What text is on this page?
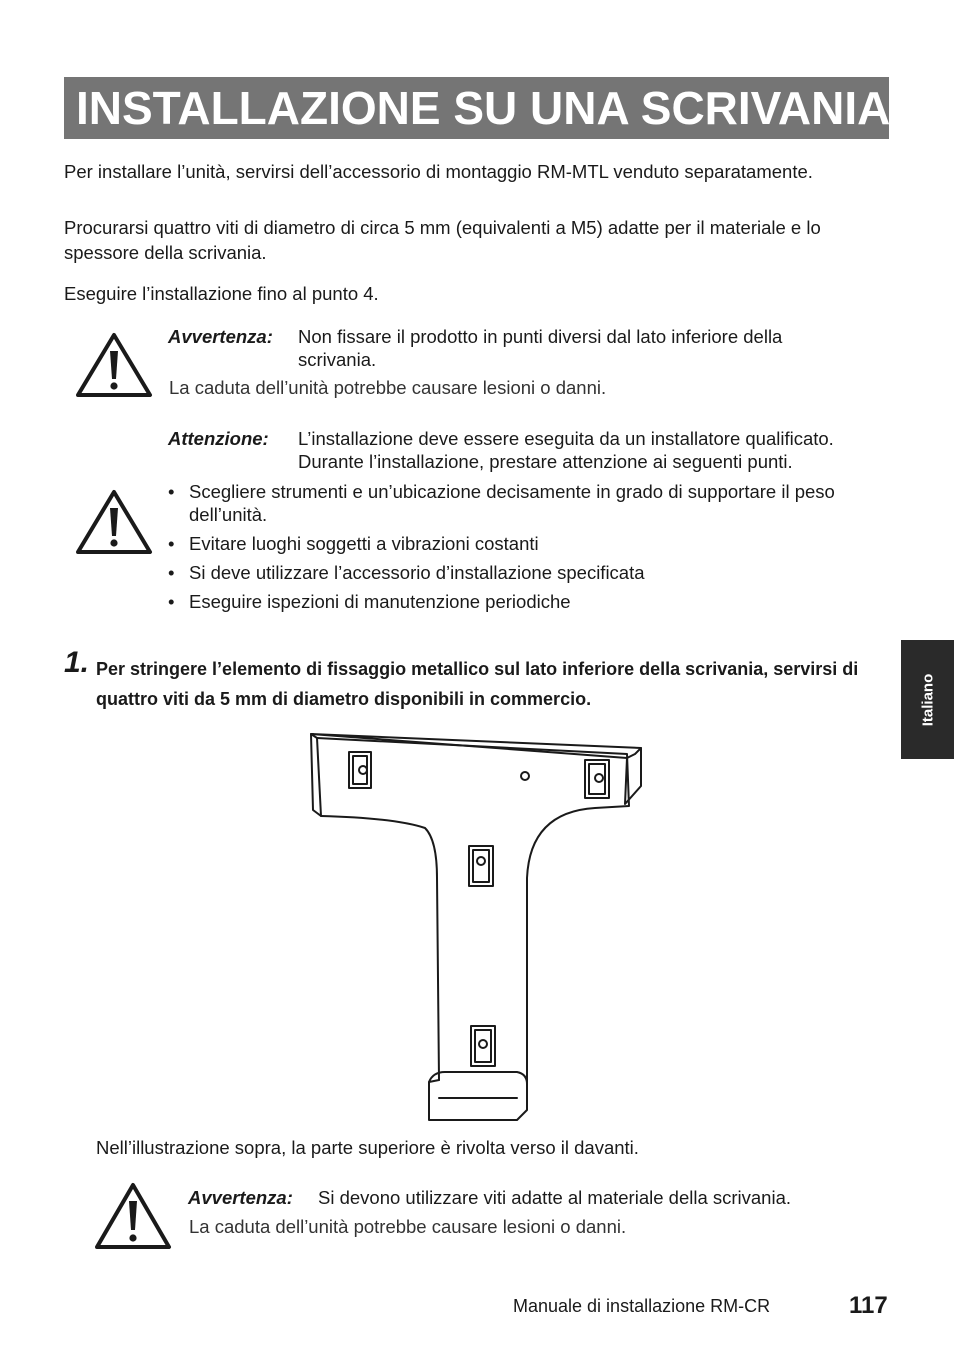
INSTALLAZIONE SU UNA SCRIVANIA

Per installare l’unità, servirsi dell’accessorio di montaggio RM-MTL venduto separatamente.

Procurarsi quattro viti di diametro di circa 5 mm (equivalenti a M5) adatte per il materiale e lo spessore della scrivania.

Eseguire l’installazione fino al punto 4.

Avvertenza: Non fissare il prodotto in punti diversi dal lato inferiore della scrivania.
La caduta dell’unità potrebbe causare lesioni o danni.
Attenzione: L’installazione deve essere eseguita da un installatore qualificato. Durante l’installazione, prestare attenzione ai seguenti punti.
• Scegliere strumenti e un’ubicazione decisamente in grado di supportare il peso dell’unità.
• Evitare luoghi soggetti a vibrazioni costanti
• Si deve utilizzare l’accessorio d’installazione specificata
• Eseguire ispezioni di manutenzione periodiche
1. Per stringere l’elemento di fissaggio metallico sul lato inferiore della scrivania, servirsi di quattro viti da 5 mm di diametro disponibili in commercio.

Nell’illustrazione sopra, la parte superiore è rivolta verso il davanti.
Avvertenza: Si devono utilizzare viti adatte al materiale della scrivania.
La caduta dell’unità potrebbe causare lesioni o danni.
Italiano
Manuale di installazione RM-CR	117
